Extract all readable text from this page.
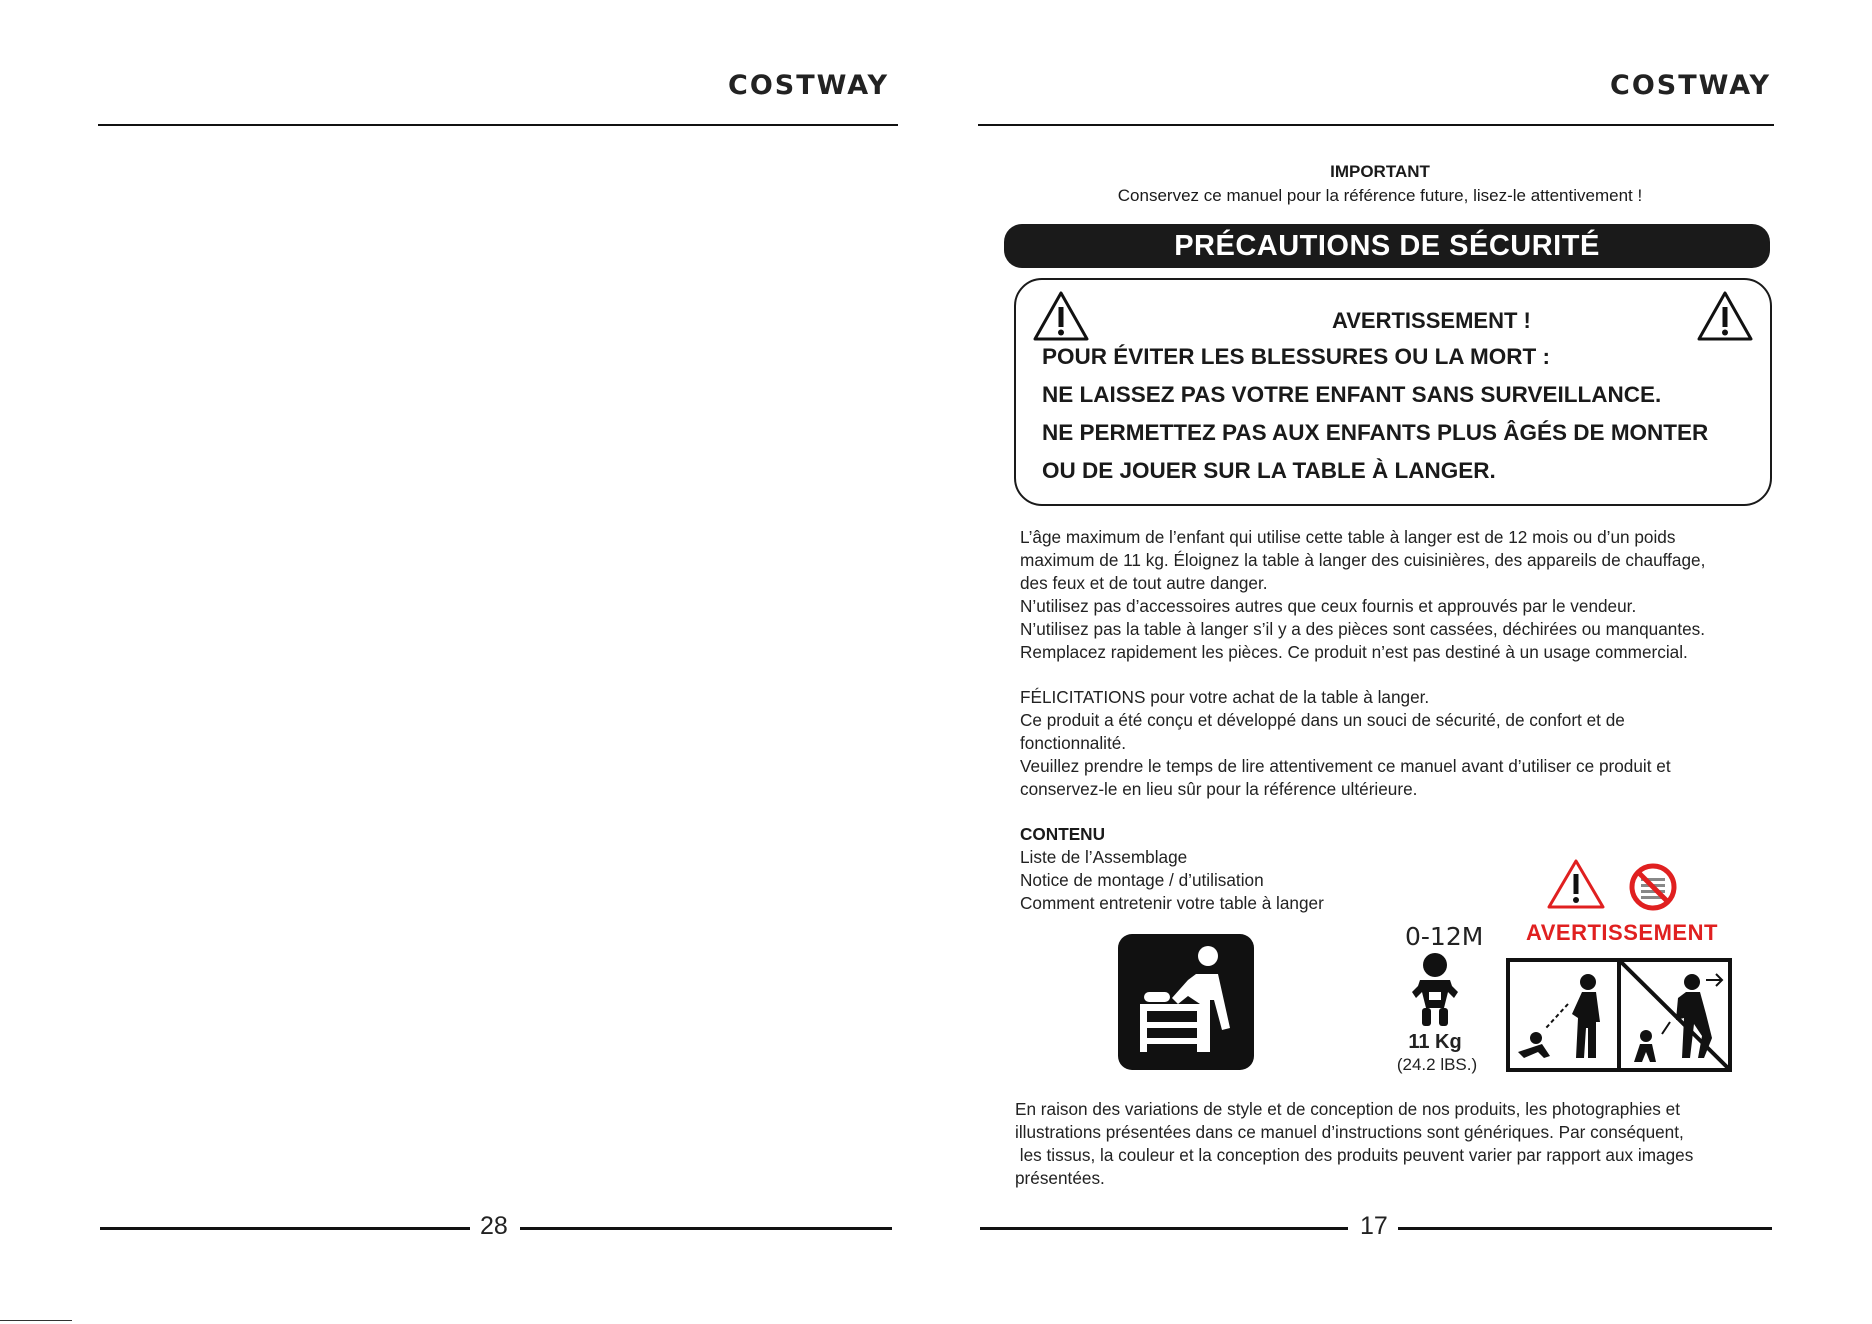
COSTWAY
28
COSTWAY
IMPORTANT
Conservez ce manuel pour la référence future, lisez-le attentivement !
PRÉCAUTIONS DE SÉCURITÉ
AVERTISSEMENT !
POUR ÉVITER LES BLESSURES OU LA MORT :
NE LAISSEZ PAS VOTRE ENFANT SANS SURVEILLANCE.
NE PERMETTEZ PAS AUX ENFANTS PLUS ÂGÉS DE MONTER
OU DE JOUER SUR LA TABLE À LANGER.
L’âge maximum de l’enfant qui utilise cette table à langer est de 12 mois ou d’un poids
maximum de 11 kg. Éloignez la table à langer des cuisinières, des appareils de chauffage,
des feux et de tout autre danger.
N’utilisez pas d’accessoires autres que ceux fournis et approuvés par le vendeur.
N’utilisez pas la table à langer s’il y a des pièces sont cassées, déchirées ou manquantes.
Remplacez rapidement les pièces. Ce produit n’est pas destiné à un usage commercial.
FÉLICITATIONS pour votre achat de la table à langer.
Ce produit a été conçu et développé dans un souci de sécurité, de confort et de
fonctionnalité.
Veuillez prendre le temps de lire attentivement ce manuel avant d’utiliser ce produit et
conservez-le en lieu sûr pour la référence ultérieure.
CONTENU
Liste de l’Assemblage
Notice de montage / d’utilisation
Comment entretenir votre table à langer
0-12M
11 Kg
(24.2 lBS.)
AVERTISSEMENT
En raison des variations de style et de conception de nos produits, les photographies et
illustrations présentées dans ce manuel d’instructions sont génériques. Par conséquent,
les tissus, la couleur et la conception des produits peuvent varier par rapport aux images
présentées.
17
